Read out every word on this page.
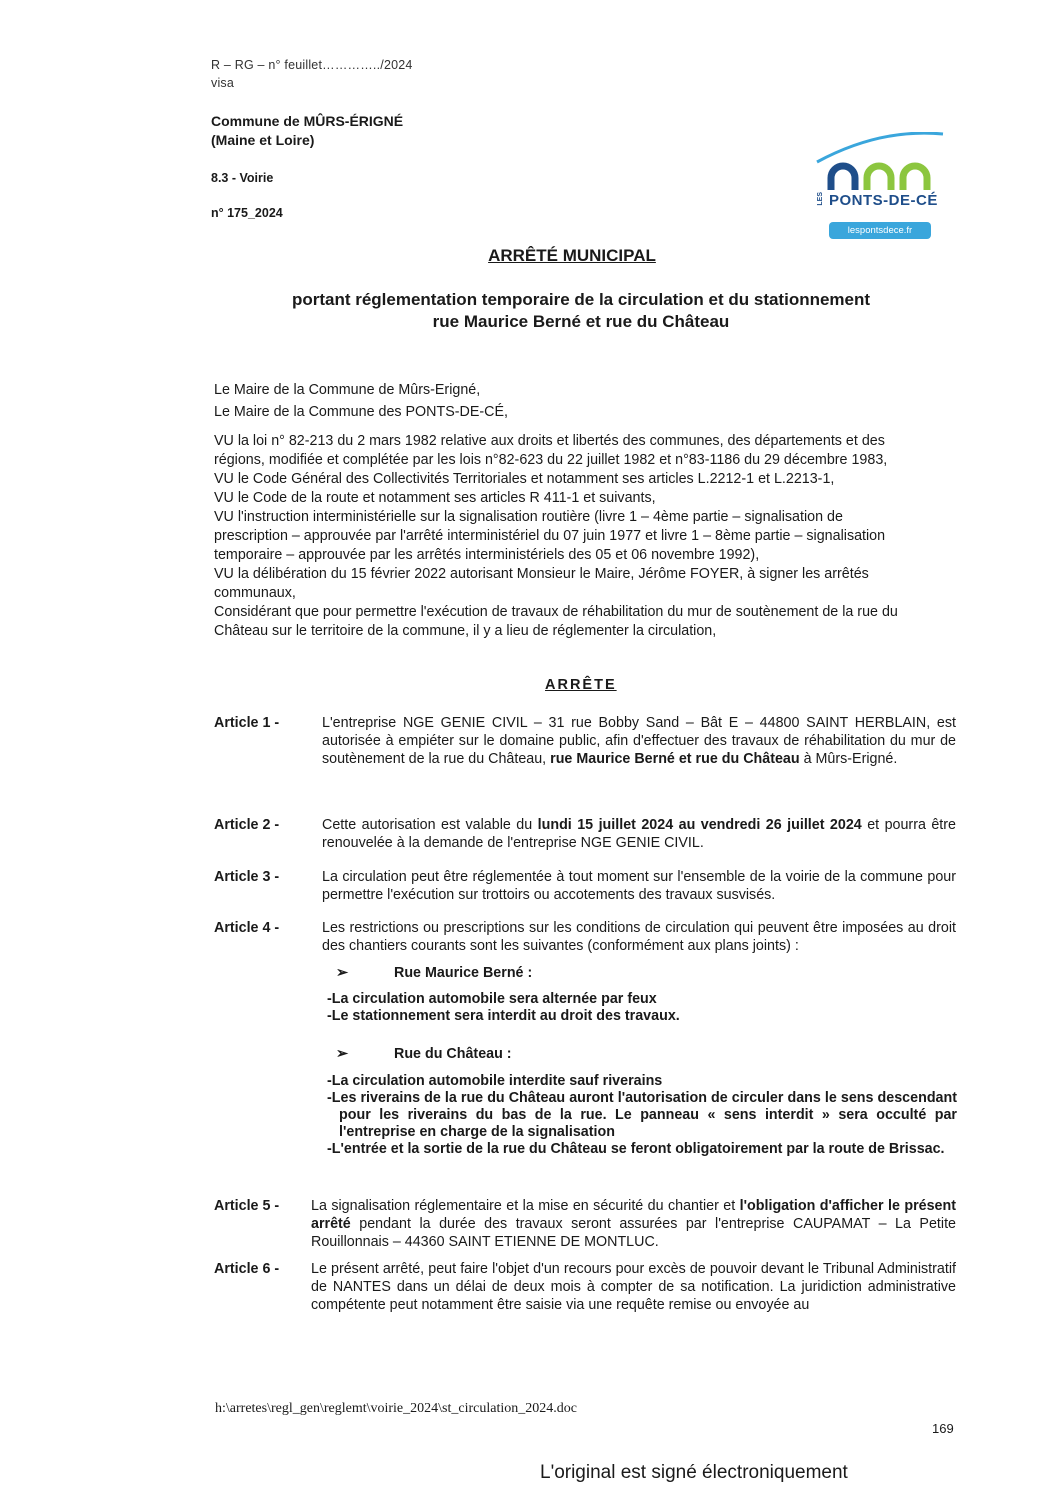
R – RG – n° feuillet…………../2024
visa
Commune de MÛRS-ÉRIGNÉ
(Maine et Loire)
8.3 - Voirie
n° 175_2024
LES PONTS-DE-CÉ
lespontsdece.fr
ARRÊTÉ MUNICIPAL
portant réglementation temporaire de la circulation et du stationnement
rue Maurice Berné et rue du Château
Le Maire de la Commune de Mûrs-Erigné,
Le Maire de la Commune des PONTS-DE-CÉ,
VU la loi n° 82-213 du 2 mars 1982 relative aux droits et libertés des communes, des départements et des
régions, modifiée et complétée par les lois n°82-623 du 22 juillet 1982 et n°83-1186 du 29 décembre 1983,
VU le Code Général des Collectivités Territoriales et notamment ses articles L.2212-1 et L.2213-1,
VU le Code de la route et notamment ses articles R 411-1 et suivants,
VU l'instruction interministérielle sur la signalisation routière (livre 1 – 4ème partie – signalisation de
prescription – approuvée par l'arrêté interministériel du 07 juin 1977 et livre 1 – 8ème partie – signalisation
temporaire – approuvée par les arrêtés interministériels des 05 et 06 novembre 1992),
VU la délibération du 15 février 2022 autorisant Monsieur le Maire, Jérôme FOYER, à signer les arrêtés
communaux,
Considérant que pour permettre l'exécution de travaux de réhabilitation du mur de soutènement de la rue du
Château sur le territoire de la commune, il y a lieu de réglementer la circulation,
ARRÊTE
Article 1 -	L'entreprise NGE GENIE CIVIL – 31 rue Bobby Sand – Bât E – 44800 SAINT HERBLAIN, est autorisée à empiéter sur le domaine public, afin d'effectuer des travaux de réhabilitation du mur de soutènement de la rue du Château, rue Maurice Berné et rue du Château à Mûrs-Erigné.
Article 2 -	Cette autorisation est valable du lundi 15 juillet 2024 au vendredi 26 juillet 2024 et pourra être renouvelée à la demande de l'entreprise NGE GENIE CIVIL.
Article 3 -	La circulation peut être réglementée à tout moment sur l'ensemble de la voirie de la commune pour permettre l'exécution sur trottoirs ou accotements des travaux susvisés.
Article 4 -	Les restrictions ou prescriptions sur les conditions de circulation qui peuvent être imposées au droit des chantiers courants sont les suivantes (conformément aux plans joints) :
➢	Rue Maurice Berné :
-La circulation automobile sera alternée par feux
-Le stationnement sera interdit au droit des travaux.
➢	Rue du Château :
-La circulation automobile interdite sauf riverains
-Les riverains de la rue du Château auront l'autorisation de circuler dans le sens descendant pour les riverains du bas de la rue. Le panneau « sens interdit » sera occulté par l'entreprise en charge de la signalisation
-L'entrée et la sortie de la rue du Château se feront obligatoirement par la route de Brissac.
Article 5 - La signalisation réglementaire et la mise en sécurité du chantier et l'obligation d'afficher le présent arrêté pendant la durée des travaux seront assurées par l'entreprise CAUPAMAT – La Petite Rouillonnais – 44360 SAINT ETIENNE DE MONTLUC.
Article 6 - Le présent arrêté, peut faire l'objet d'un recours pour excès de pouvoir devant le Tribunal Administratif de NANTES dans un délai de deux mois à compter de sa notification. La juridiction administrative compétente peut notamment être saisie via une requête remise ou envoyée au
h:\arretes\regl_gen\reglemt\voirie_2024\st_circulation_2024.doc
169
L'original est signé électroniquement
